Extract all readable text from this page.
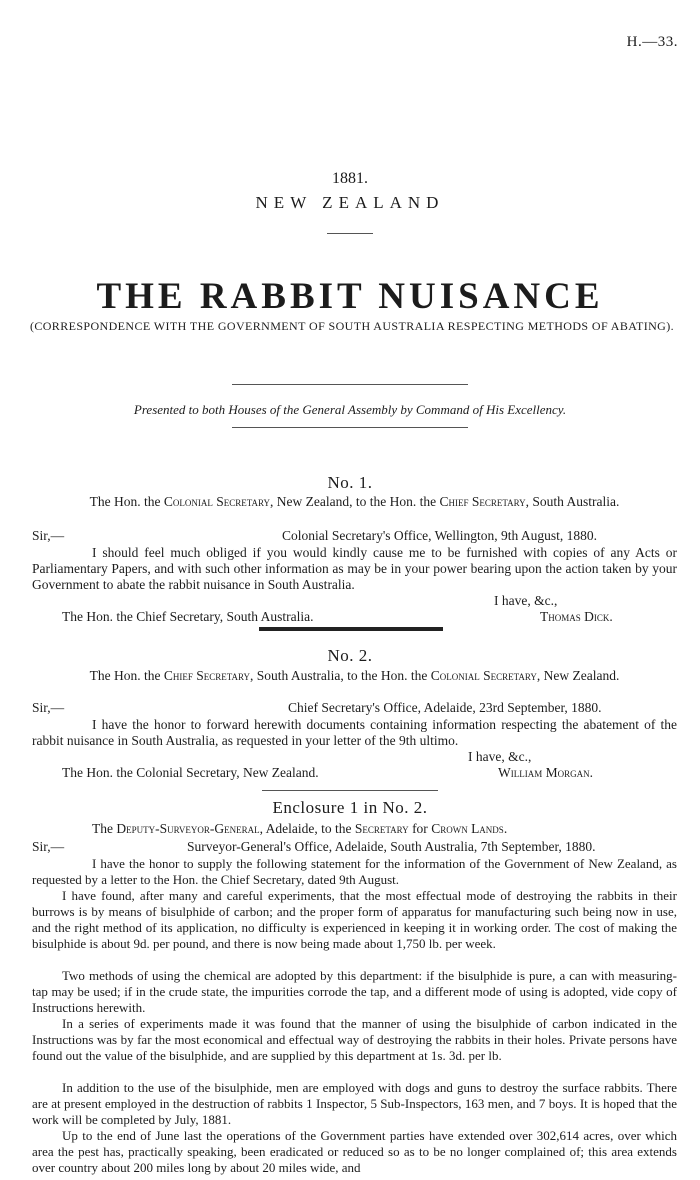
H.—33.
1881.
NEW ZEALAND
THE RABBIT NUISANCE
(CORRESPONDENCE WITH THE GOVERNMENT OF SOUTH AUSTRALIA RESPECTING METHODS OF ABATING).
Presented to both Houses of the General Assembly by Command of His Excellency.
No. 1.
The Hon. the Colonial Secretary, New Zealand, to the Hon. the Chief Secretary, South Australia.
Sir,—	Colonial Secretary's Office, Wellington, 9th August, 1880.

I should feel much obliged if you would kindly cause me to be furnished with copies of any Acts or Parliamentary Papers, and with such other information as may be in your power bearing upon the action taken by your Government to abate the rabbit nuisance in South Australia.

I have, &c.,
The Hon. the Chief Secretary, South Australia.	Thomas Dick.
No. 2.
The Hon. the Chief Secretary, South Australia, to the Hon. the Colonial Secretary, New Zealand.
Sir,—	Chief Secretary's Office, Adelaide, 23rd September, 1880.

I have the honor to forward herewith documents containing information respecting the abatement of the rabbit nuisance in South Australia, as requested in your letter of the 9th ultimo.

I have, &c.,
The Hon. the Colonial Secretary, New Zealand.	William Morgan.
Enclosure 1 in No. 2.
The Deputy-Surveyor-General, Adelaide, to the Secretary for Crown Lands.
Sir,—	Surveyor-General's Office, Adelaide, South Australia, 7th September, 1880.

I have the honor to supply the following statement for the information of the Government of New Zealand, as requested by a letter to the Hon. the Chief Secretary, dated 9th August.

I have found, after many and careful experiments, that the most effectual mode of destroying the rabbits in their burrows is by means of bisulphide of carbon; and the proper form of apparatus for manufacturing such being now in use, and the right method of its application, no difficulty is experienced in keeping it in working order. The cost of making the bisulphide is about 9d. per pound, and there is now being made about 1,750 lb. per week.

Two methods of using the chemical are adopted by this department: if the bisulphide is pure, a can with measuring-tap may be used; if in the crude state, the impurities corrode the tap, and a different mode of using is adopted, vide copy of Instructions herewith.

In a series of experiments made it was found that the manner of using the bisulphide of carbon indicated in the Instructions was by far the most economical and effectual way of destroying the rabbits in their holes. Private persons have found out the value of the bisulphide, and are supplied by this department at 1s. 3d. per lb.

In addition to the use of the bisulphide, men are employed with dogs and guns to destroy the surface rabbits. There are at present employed in the destruction of rabbits 1 Inspector, 5 Sub-Inspectors, 163 men, and 7 boys. It is hoped that the work will be completed by July, 1881.

Up to the end of June last the operations of the Government parties have extended over 302,614 acres, over which area the pest has, practically speaking, been eradicated or reduced so as to be no longer complained of; this area extends over country about 200 miles long by about 20 miles wide, and
